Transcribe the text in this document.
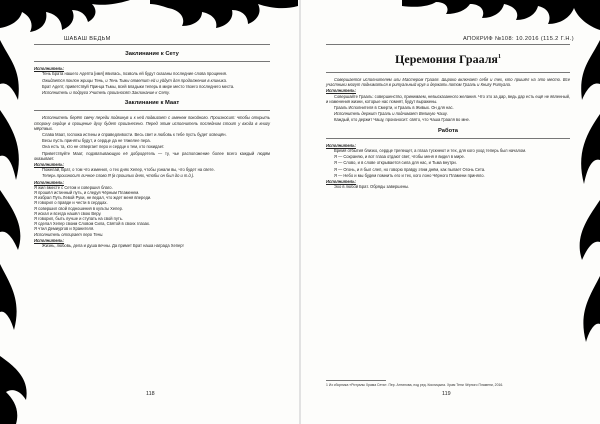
ШАБАШ ВЕДЬМ
Заклинание к Сету
Исполнитель:
Тень Брата нашего Адепта [имя] явилась, позволь ей будут сказаны последние слова прощения.
Ожидается поклон жрицы Тень, и Тень Тьмы ответит ей и уйдут для продолжения в клиника.
Брат Адепт, приветствуй Принца Тьмы, всей владыки теперь в мире место твоего последнего места.
Исполнитель и подруга Учитель произносят Заклинание к Сету.
Заклинание к Маат
Исполнитель берёт свечу переди подвинув и к ней подвигает с именем покойного. Произносит: чтобы открыть сторону сердце в прощение духу будет произнесено. Перед этим исполнитель последним стоит у входа в книгу мёртвых.
Слава Маат, госпожа истины и справедливости. Весь свет и любовь к тебе пусть будет освещён.
Весы пусть приняты будут, и сердце да не тяжелее пера.
Она есть та, кто не отвергает перо и сердце к тем, кто покидает.
Приветствуйте Маат, подхватывающую её добродетель — ту, чье расположение более всего каждый людям оказывает.
Исполнитель:
Пожелай, Брат, о том что изменил, о тех днях Хепер, чтобы узнали вы, что будет на свете.
Теперь произносит личное слово Я (в прошлых днях, чтобы он был до и т.д.).
Исполнитель:
Я жил вместе с Сетом и совершил благо.
Я прошёл истинный путь, и следуя Чёрным Пламенем.
Я избрал Путь Левой Руки, не ведал, что ждет меня впереди.
Я говорил о правде и чести в сердцах.
Я совершил свой подношения в культы Хепер.
Я искал и всегда нашёл свою Веру.
Я говорил, быть лучше и ступать на свой путь.
Я сделал Хепер своим Словом Сила, Святой в своих глазах.
Я чтил Демиургов и Хранителя.
Исполнитель отпирает перо Тени.
Исполнитель:
Жизнь, любовь, дела и душа вечны. Да примет Брат наша награда Хепер!
118
АПОКРИФ №108: 10.2016 (115.2 Г.Н.)
Церемония Грааля$^1$
Совершается исполнителем или Мастером Грааля. Широко включает себя и тех, кто пришёл на это место. Все участники могут подниматься в ритуальный круг и держать потом Грааль и Книгу Ритуала.
Исполнитель:
Совершайте Грааль: совершенство, принимаем, невысказанного желания. Что это за дар, ведь дар есть ещё не явленный, и изменения жизни, которые нас помнят, будут выражены.
Грааль Исполнителя в Смерти, и Грааль в Живых. Он для нас.
Исполнитель держит Грааль и поднимает Великую Чашу.
Каждый, кто держит Чашу, произносит: свято, что Чаша Грааля во мне.
Работа
Исполнитель:
Время отбытия близко, сердце трепещет, а глаза тускнеют и тех, для кого уход теперь был началом.
Я — Сохраняю, и вот глаза отдают свет, чтобы меня я видел в мире.
Я — Слово, и в слове открывается сила для нас, и Тьма внутри.
Я — Огонь, и я был слеп, но говорю правду этим днём, как пылает Огонь Сета.
Я — Небо и мы будем помнить его и тех, кого лоно Чёрного Пламени приняло.
Исполнитель:
Эхо в любой Брат. Обряды завершены.
1 Из сборника «Ритуалы Храма Сета». Пер. Антипова, под ред. Кислицына. Храм Тени Чёрного Пламени, 2016.
119
